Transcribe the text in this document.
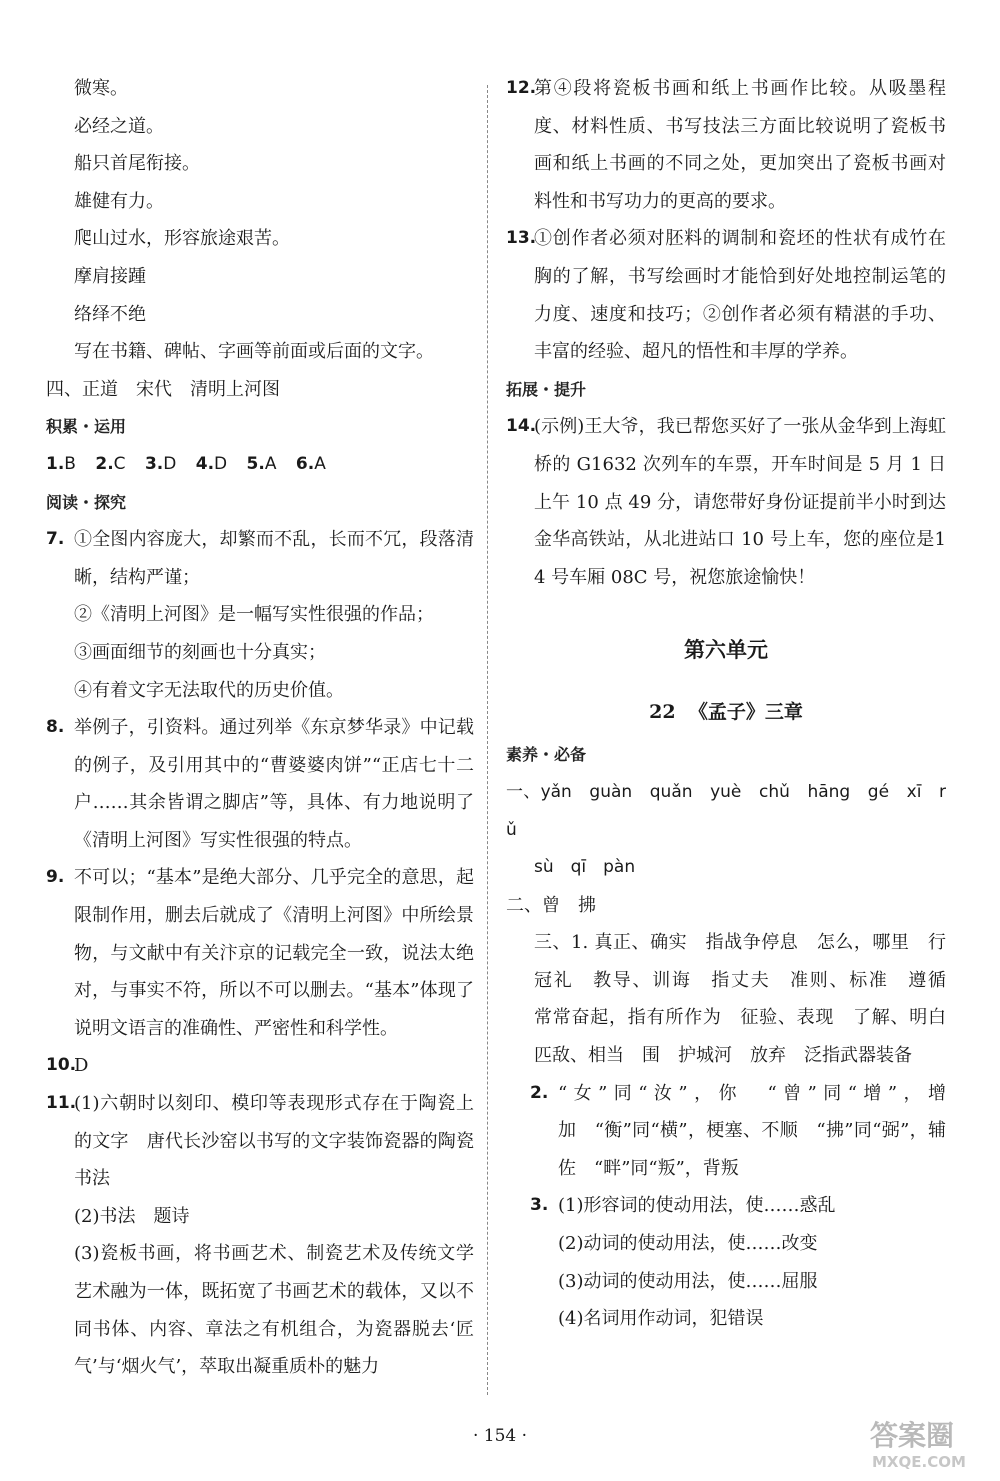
微寒。
必经之道。
船只首尾衔接。
雄健有力。
爬山过水，形容旅途艰苦。
摩肩接踵
络绎不绝
写在书籍、碑帖、字画等前面或后面的文字。
四、正道　宋代　清明上河图
积累・运用
1.B 2.C 3.D 4.D 5.A 6.A
阅读・探究
7. ①全图内容庞大，却繁而不乱，长而不冗，段落清晰，结构严谨；
②《清明上河图》是一幅写实性很强的作品；
③画面细节的刻画也十分真实；
④有着文字无法取代的历史价值。
8. 举例子，引资料。通过列举《东京梦华录》中记载的例子，及引用其中的“曹婆婆肉饼”“正店七十二户……其余皆谓之脚店”等，具体、有力地说明了《清明上河图》写实性很强的特点。
9. 不可以；“基本”是绝大部分、几乎完全的意思，起限制作用，删去后就成了《清明上河图》中所绘景物，与文献中有关汴京的记载完全一致，说法太绝对，与事实不符，所以不可以删去。“基本”体现了说明文语言的准确性、严密性和科学性。
10.
D
11.
(1)六朝时以刻印、模印等表现形式存在于陶瓷上的文字　唐代长沙窑以书写的文字装饰瓷器的陶瓷书法
(2)书法　题诗
(3)瓷板书画，将书画艺术、制瓷艺术及传统文学艺术融为一体，既拓宽了书画艺术的载体，又以不同书体、内容、章法之有机组合，为瓷器脱去‘匠气’与‘烟火气’，萃取出凝重质朴的魅力
12.
第④段将瓷板书画和纸上书画作比较。从吸墨程度、材料性质、书写技法三方面比较说明了瓷板书画和纸上书画的不同之处，更加突出了瓷板书画对料性和书写功力的更高的要求。
13.
①创作者必须对胚料的调制和瓷坯的性状有成竹在胸的了解，书写绘画时才能恰到好处地控制运笔的力度、速度和技巧；②创作者必须有精湛的手功、丰富的经验、超凡的悟性和丰厚的学养。
拓展・提升
14.
(示例)王大爷，我已帮您买好了一张从金华到上海虹桥的 G1632 次列车的车票，开车时间是 5 月 1 日上午 10 点 49 分，请您带好身份证提前半小时到达金华高铁站，从北进站口 10 号上车，您的座位是14 号车厢 08C 号，祝您旅途愉快！
第六单元
22 《孟子》三章
素养・必备
一、yǎn　guàn　quǎn　yuè　chǔ　hāng　gé　xī　rǔ
sù　qī　pàn
二、曾　拂
三、1. 真正、确实　指战争停息　怎么，哪里　行冠礼　教导、训诲　指丈夫　准则、标准　遵循　常常奋起，指有所作为　征验、表现　了解、明白　匹敌、相当　围　护城河　放弃　泛指武器装备
2. “女”同“汝”，你　“曾”同“增”，增加　“衡”同“横”，梗塞、不顺　“拂”同“弼”，辅佐　“畔”同“叛”，背叛
3. (1)形容词的使动用法，使……惑乱
(2)动词的使动用法，使……改变
(3)动词的使动用法，使……屈服
(4)名词用作动词，犯错误
· 154 ·	答案圈
MXQE.COM
